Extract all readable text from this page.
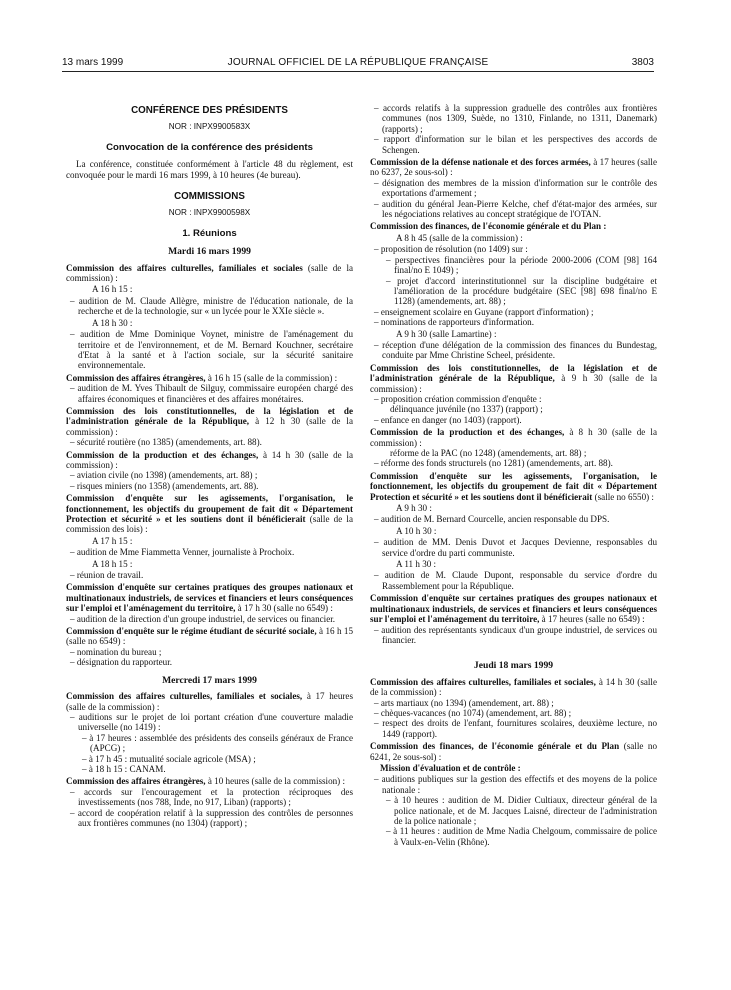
13 mars 1999	JOURNAL OFFICIEL DE LA RÉPUBLIQUE FRANÇAISE	3803
CONFÉRENCE DES PRÉSIDENTS
NOR : INPX9900583X
Convocation de la conférence des présidents

La conférence, constituée conformément à l'article 48 du règlement, est convoquée pour le mardi 16 mars 1999, à 10 heures (4e bureau).

COMMISSIONS
NOR : INPX9900598X
1. Réunions
Mardi 16 mars 1999

Commission des affaires culturelles, familiales et sociales (salle de la commission) :

A 16 h 15 :

– audition de M. Claude Allègre, ministre de l'éducation nationale, de la recherche et de la technologie, sur « un lycée pour le XXIe siècle ».

A 18 h 30 :

– audition de Mme Dominique Voynet, ministre de l'aménagement du territoire et de l'environnement, et de M. Bernard Kouchner, secrétaire d'Etat à la santé et à l'action sociale, sur la sécurité sanitaire environnementale.

Commission des affaires étrangères, à 16 h 15 (salle de la commission) :

– audition de M. Yves Thibault de Silguy, commissaire européen chargé des affaires économiques et financières et des affaires monétaires.

Commission des lois constitutionnelles, de la législation et de l'administration générale de la République, à 12 h 30 (salle de la commission) :

– sécurité routière (no 1385) (amendements, art. 88).

Commission de la production et des échanges, à 14 h 30 (salle de la commission) :

– aviation civile (no 1398) (amendements, art. 88) ;

– risques miniers (no 1358) (amendements, art. 88).

Commission d'enquête sur les agissements, l'organisation, le fonctionnement, les objectifs du groupement de fait dit « Département Protection et sécurité » et les soutiens dont il bénéficierait (salle de la commission des lois) :

A 17 h 15 :

– audition de Mme Fiammetta Venner, journaliste à Prochoix.

A 18 h 15 :

– réunion de travail.

Commission d'enquête sur certaines pratiques des groupes nationaux et multinationaux industriels, de services et financiers et leurs conséquences sur l'emploi et l'aménagement du territoire, à 17 h 30 (salle no 6549) :

– audition de la direction d'un groupe industriel, de services ou financier.

Commission d'enquête sur le régime étudiant de sécurité sociale, à 16 h 15 (salle no 6549) :

– nomination du bureau ;

– désignation du rapporteur.

Mercredi 17 mars 1999

Commission des affaires culturelles, familiales et sociales, à 17 heures (salle de la commission) :

– auditions sur le projet de loi portant création d'une couverture maladie universelle (no 1419) :

– à 17 heures : assemblée des présidents des conseils généraux de France (APCG) ;

– à 17 h 45 : mutualité sociale agricole (MSA) ;

– à 18 h 15 : CANAM.

Commission des affaires étrangères, à 10 heures (salle de la commission) :

– accords sur l'encouragement et la protection réciproques des investissements (nos 788, Inde, no 917, Liban) (rapports) ;

– accord de coopération relatif à la suppression des contrôles de personnes aux frontières communes (no 1304) (rapport) ;

– accords relatifs à la suppression graduelle des contrôles aux frontières communes (nos 1309, Suède, no 1310, Finlande, no 1311, Danemark) (rapports) ;

– rapport d'information sur le bilan et les perspectives des accords de Schengen.

Commission de la défense nationale et des forces armées, à 17 heures (salle no 6237, 2e sous-sol) :

– désignation des membres de la mission d'information sur le contrôle des exportations d'armement ;

– audition du général Jean-Pierre Kelche, chef d'état-major des armées, sur les négociations relatives au concept stratégique de l'OTAN.

Commission des finances, de l'économie générale et du Plan :

A 8 h 45 (salle de la commission) :

– proposition de résolution (no 1409) sur :

– perspectives financières pour la période 2000-2006 (COM [98] 164 final/no E 1049) ;

– projet d'accord interinstitutionnel sur la discipline budgétaire et l'amélioration de la procédure budgétaire (SEC [98] 698 final/no E 1128) (amendements, art. 88) ;

– enseignement scolaire en Guyane (rapport d'information) ;

– nominations de rapporteurs d'information.

A 9 h 30 (salle Lamartine) :

– réception d'une délégation de la commission des finances du Bundestag, conduite par Mme Christine Scheel, présidente.

Commission des lois constitutionnelles, de la législation et de l'administration générale de la République, à 9 h 30 (salle de la commission) :

– proposition création commission d'enquête :

délinquance juvénile (no 1337) (rapport) ;

– enfance en danger (no 1403) (rapport).

Commission de la production et des échanges, à 8 h 30 (salle de la commission) :

réforme de la PAC (no 1248) (amendements, art. 88) ;

– réforme des fonds structurels (no 1281) (amendements, art. 88).

Commission d'enquête sur les agissements, l'organisation, le fonctionnement, les objectifs du groupement de fait dit « Département Protection et sécurité » et les soutiens dont il bénéficierait (salle no 6550) :

A 9 h 30 :

– audition de M. Bernard Courcelle, ancien responsable du DPS.

A 10 h 30 :

– audition de MM. Denis Duvot et Jacques Devienne, responsables du service d'ordre du parti communiste.

A 11 h 30 :

– audition de M. Claude Dupont, responsable du service d'ordre du Rassemblement pour la République.

Commission d'enquête sur certaines pratiques des groupes nationaux et multinationaux industriels, de services et financiers et leurs conséquences sur l'emploi et l'aménagement du territoire, à 17 heures (salle no 6549) :

– audition des représentants syndicaux d'un groupe industriel, de services ou financier.

Jeudi 18 mars 1999

Commission des affaires culturelles, familiales et sociales, à 14 h 30 (salle de la commission) :

– arts martiaux (no 1394) (amendement, art. 88) ;

– chèques-vacances (no 1074) (amendement, art. 88) ;

– respect des droits de l'enfant, fournitures scolaires, deuxième lecture, no 1449 (rapport).

Commission des finances, de l'économie générale et du Plan (salle no 6241, 2e sous-sol) :

Mission d'évaluation et de contrôle :

– auditions publiques sur la gestion des effectifs et des moyens de la police nationale :

– à 10 heures : audition de M. Didier Cultiaux, directeur général de la police nationale, et de M. Jacques Laisné, directeur de l'administration de la police nationale ;

– à 11 heures : audition de Mme Nadia Chelgoum, commissaire de police à Vaulx-en-Velin (Rhône).
